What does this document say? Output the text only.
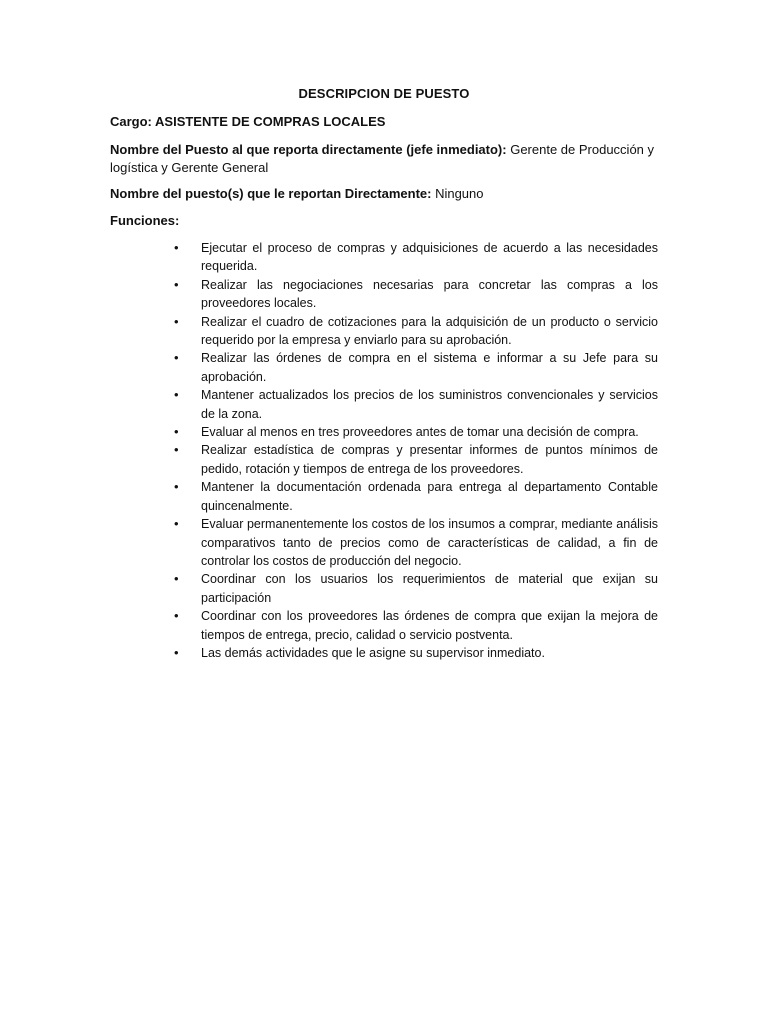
DESCRIPCION DE PUESTO
Cargo: ASISTENTE DE COMPRAS LOCALES
Nombre del Puesto al que reporta directamente (jefe inmediato): Gerente de Producción y logística y Gerente General
Nombre del puesto(s) que le reportan Directamente: Ninguno
Funciones:
• Ejecutar el proceso de compras y adquisiciones de acuerdo a las necesidades requerida.
• Realizar las negociaciones necesarias para concretar las compras a los proveedores locales.
• Realizar el cuadro de cotizaciones para la adquisición de un producto o servicio requerido por la empresa y enviarlo para su aprobación.
• Realizar las órdenes de compra en el sistema e informar a su Jefe para su aprobación.
• Mantener actualizados los precios de los suministros convencionales y servicios de la zona.
• Evaluar al menos en tres proveedores antes de tomar una decisión de compra.
• Realizar estadística de compras y presentar informes de puntos mínimos de pedido, rotación y tiempos de entrega de los proveedores.
• Mantener la documentación ordenada para entrega al departamento Contable quincenalmente.
• Evaluar permanentemente los costos de los insumos a comprar, mediante análisis comparativos tanto de precios como de características de calidad, a fin de controlar los costos de producción del negocio.
• Coordinar con los usuarios los requerimientos de material que exijan su participación
• Coordinar con los proveedores las órdenes de compra que exijan la mejora de tiempos de entrega, precio, calidad o servicio postventa.
• Las demás actividades que le asigne su supervisor inmediato.
